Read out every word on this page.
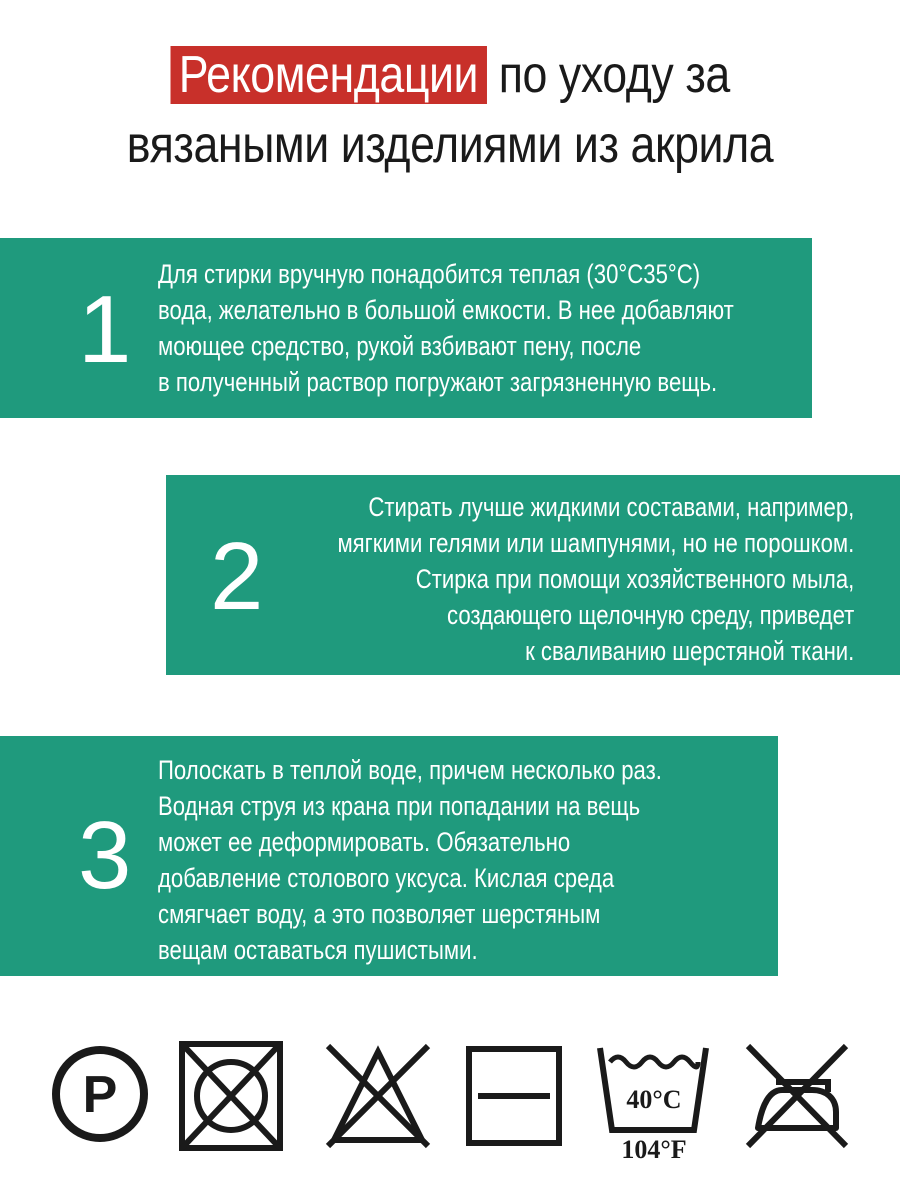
Рекомендации по уходу за
вязаными изделиями из акрила
1
Для стирки вручную понадобится теплая (30°С35°С)
вода, желательно в большой емкости. В нее добавляют
моющее средство, рукой взбивают пену, после
в полученный раствор погружают загрязненную вещь.
2
Стирать лучше жидкими составами, например,
мягкими гелями или шампунями, но не порошком.
Стирка при помощи хозяйственного мыла,
создающего щелочную среду, приведет
к сваливанию шерстяной ткани.
3
Полоскать в теплой воде, причем несколько раз.
Водная струя из крана при попадании на вещь
может ее деформировать. Обязательно
добавление столового уксуса. Кислая среда
смягчает воду, а это позволяет шерстяным
вещам оставаться пушистыми.
P	40°C
104°F
